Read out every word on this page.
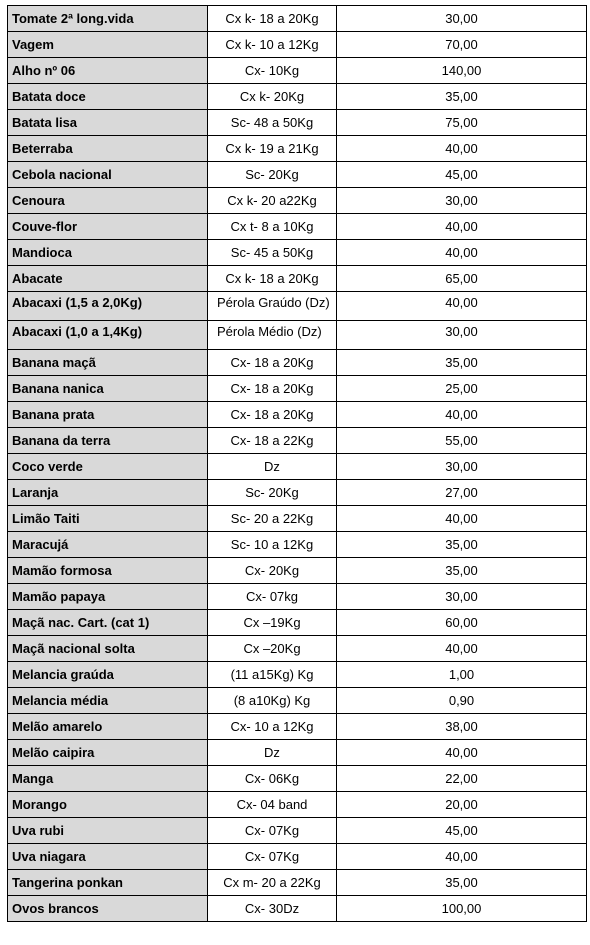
Tomate 2ª long.vida	Cx k- 18 a 20Kg	30,00
Vagem	Cx k- 10 a 12Kg	70,00
Alho nº 06	Cx- 10Kg	140,00
Batata doce	Cx k- 20Kg	35,00
Batata lisa	Sc- 48 a 50Kg	75,00
Beterraba	Cx k- 19 a 21Kg	40,00
Cebola nacional	Sc- 20Kg	45,00
Cenoura	Cx k- 20 a22Kg	30,00
Couve-flor	Cx t- 8 a 10Kg	40,00
Mandioca	Sc- 45 a 50Kg	40,00
Abacate	Cx k- 18 a 20Kg	65,00
Abacaxi (1,5 a 2,0Kg)	Pérola Graúdo (Dz)	40,00
Abacaxi (1,0 a 1,4Kg)	Pérola Médio (Dz)	30,00
Banana maçã	Cx- 18 a 20Kg	35,00
Banana nanica	Cx- 18 a 20Kg	25,00
Banana prata	Cx- 18 a 20Kg	40,00
Banana da terra	Cx- 18 a 22Kg	55,00
Coco verde	Dz	30,00
Laranja	Sc- 20Kg	27,00
Limão Taiti	Sc- 20 a 22Kg	40,00
Maracujá	Sc- 10 a 12Kg	35,00
Mamão formosa	Cx- 20Kg	35,00
Mamão papaya	Cx- 07kg	30,00
Maçã nac. Cart. (cat 1)	Cx –19Kg	60,00
Maçã nacional solta	Cx –20Kg	40,00
Melancia graúda	(11 a15Kg) Kg	1,00
Melancia média	(8 a10Kg) Kg	0,90
Melão amarelo	Cx- 10 a 12Kg	38,00
Melão caipira	Dz	40,00
Manga	Cx- 06Kg	22,00
Morango	Cx- 04 band	20,00
Uva rubi	Cx- 07Kg	45,00
Uva niagara	Cx- 07Kg	40,00
Tangerina ponkan	Cx m- 20 a 22Kg	35,00
Ovos brancos	Cx- 30Dz	100,00
